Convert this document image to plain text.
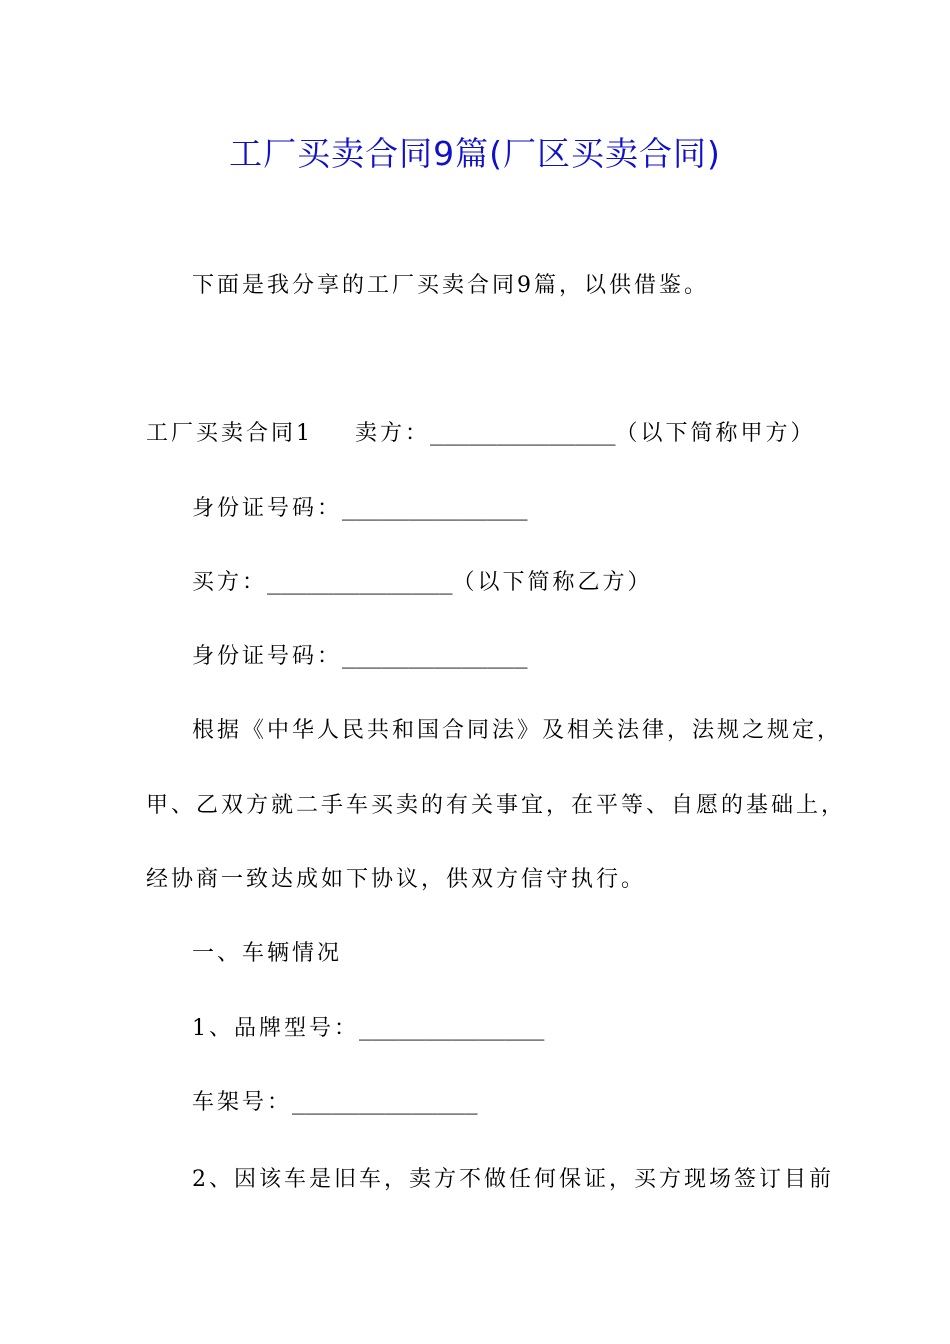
工厂买卖合同9篇(厂区买卖合同)
下面是我分享的工厂买卖合同9篇，以供借鉴。
工厂买卖合同1 卖方：______________（以下简称甲方）
身份证号码：______________
买方：______________（以下简称乙方）
身份证号码：______________
根据《中华人民共和国合同法》及相关法律，法规之规定，
甲、乙双方就二手车买卖的有关事宜，在平等、自愿的基础上，
经协商一致达成如下协议，供双方信守执行。
一、车辆情况
1、品牌型号：______________
车架号：______________
2、因该车是旧车，卖方不做任何保证，买方现场签订目前
